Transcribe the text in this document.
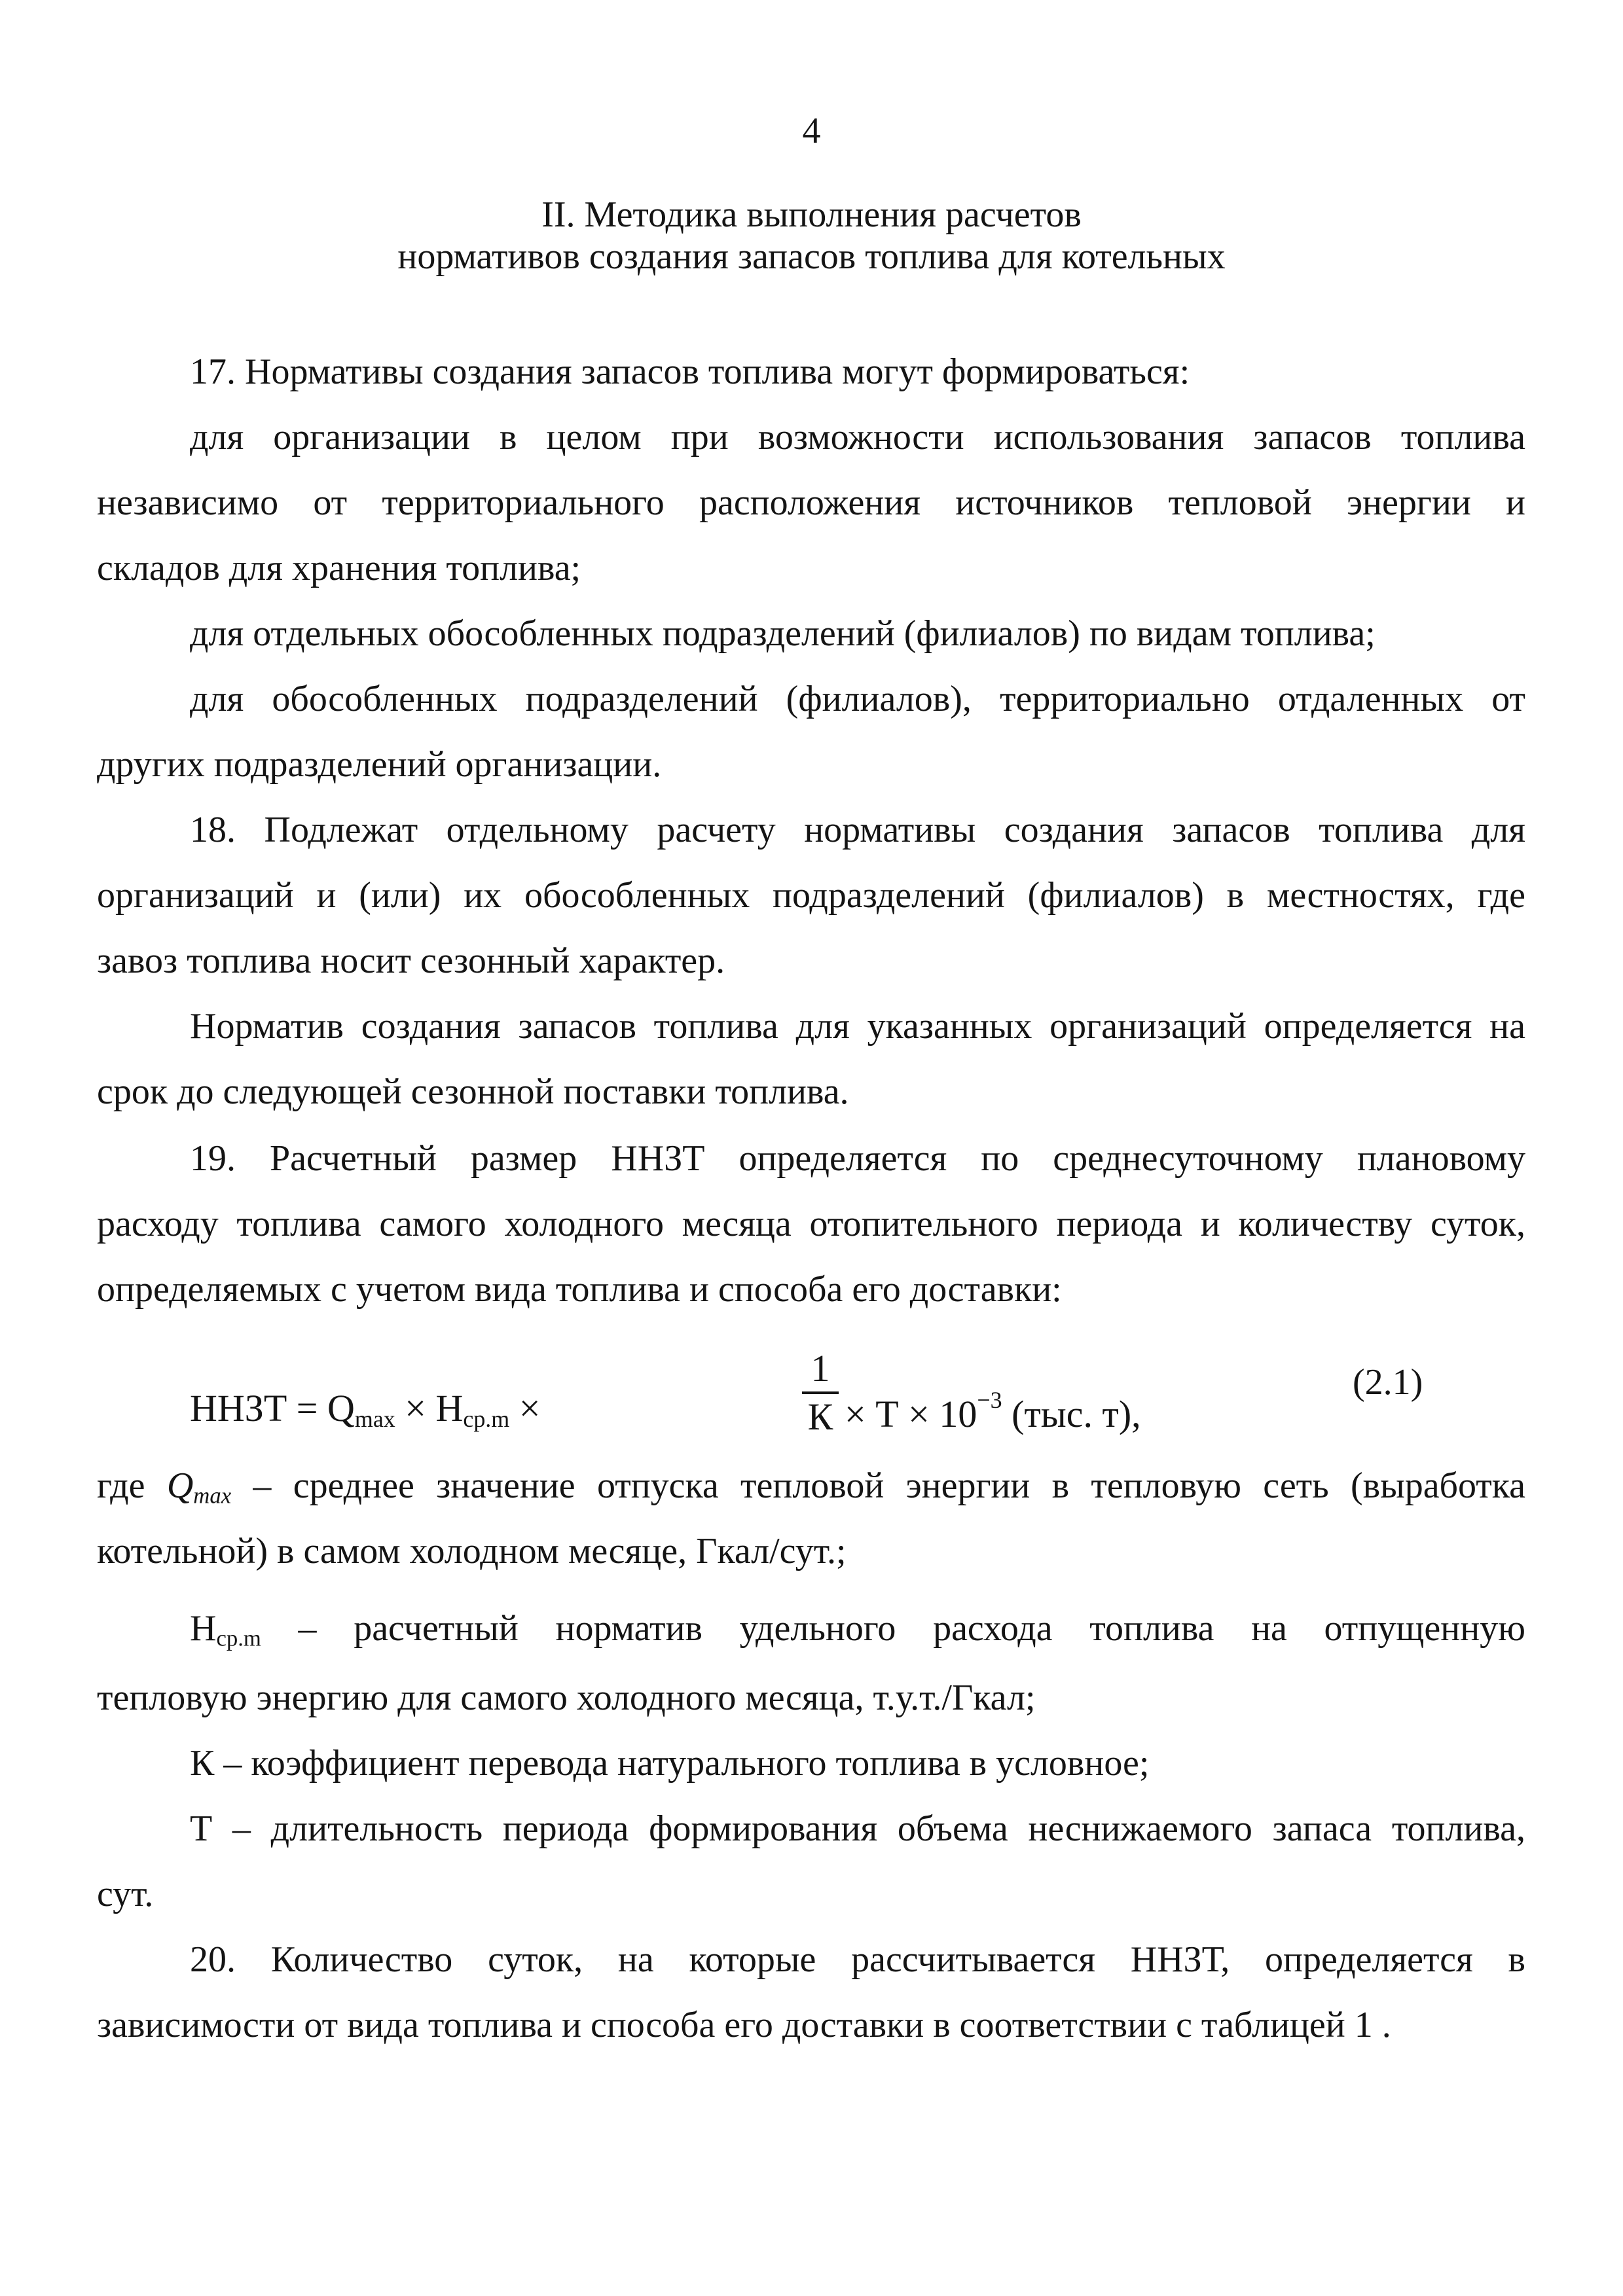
4
II. Методика выполнения расчетов
нормативов создания запасов топлива для котельных
17. Нормативы создания запасов топлива могут формироваться:
для организации в целом при возможности использования запасов топлива
независимо от территориального расположения источников тепловой энергии и
складов для хранения топлива;
для отдельных обособленных подразделений (филиалов) по видам топлива;
для обособленных подразделений (филиалов), территориально отдаленных от
других подразделений организации.
18. Подлежат отдельному расчету нормативы создания запасов топлива для
организаций и (или) их обособленных подразделений (филиалов) в местностях, где
завоз топлива носит сезонный характер.
Норматив создания запасов топлива для указанных организаций определяется на
срок до следующей сезонной поставки топлива.
19. Расчетный размер ННЗТ определяется по среднесуточному плановому
расходу топлива самого холодного месяца отопительного периода и количеству суток,
определяемых с учетом вида топлива и способа его доставки:
ННЗТ = $Q_{max} \times Н_{ср.m}$ ×
1
$К \times Т \times 10^{-3}$ (тыс. т),
(2.1)
где $Q_{max}$ – среднее значение отпуска тепловой энергии в тепловую сеть (выработка
котельной) в самом холодном месяце, Гкал/сут.;
$Н_{ср.m}$ – расчетный норматив удельного расхода топлива на отпущенную
тепловую энергию для самого холодного месяца, т.у.т./Гкал;
К – коэффициент перевода натурального топлива в условное;
Т – длительность периода формирования объема неснижаемого запаса топлива,
сут.
20. Количество суток, на которые рассчитывается ННЗТ, определяется в
зависимости от вида топлива и способа его доставки в соответствии с таблицей 1 .
